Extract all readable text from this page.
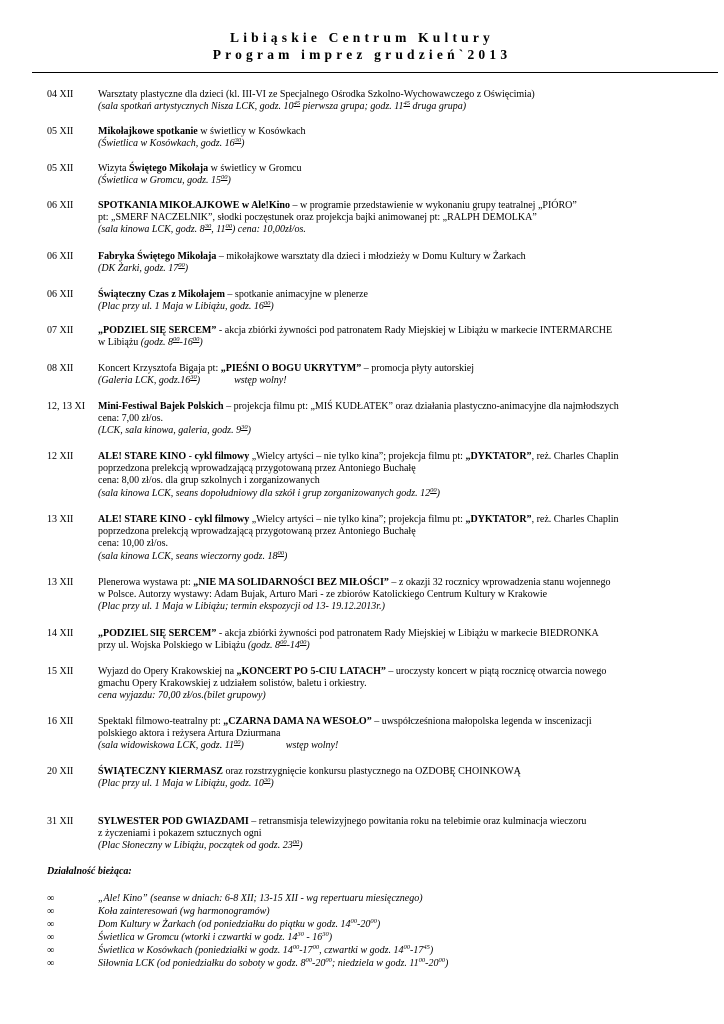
Libiąskie Centrum Kultury
Program imprez grudzień`2013
04 XII Warsztaty plastyczne dla dzieci (kl. III-VI ze Specjalnego Ośrodka Szkolno-Wychowawczego z Oświęcimia)
(sala spotkań artystycznych Nisza LCK, godz. $10^{45}$ pierwsza grupa; godz. $11^{45}$ druga grupa)
05 XII Mikołajkowe spotkanie w świetlicy w Kosówkach
(Świetlica w Kosówkach, godz. $16^{30}$)
05 XII Wizyta Świętego Mikołaja w świetlicy w Gromcu
(Świetlica w Gromcu, godz. $15^{00}$)
06 XII SPOTKANIA MIKOŁAJKOWE w Ale!Kino – w programie przedstawienie w wykonaniu grupy teatralnej „PIÓRO”
pt: „SMERF NACZELNIK”, słodki poczęstunek oraz projekcja bajki animowanej pt: „RALPH DEMOLKA”
(sala kinowa LCK, godz. $8^{30}$, $11^{00}$) cena: 10,00zł/os.
06 XII Fabryka Świętego Mikołaja – mikołajkowe warsztaty dla dzieci i młodzieży w Domu Kultury w Żarkach
(DK Żarki, godz. $17^{00}$)
06 XII Świąteczny Czas z Mikołajem – spotkanie animacyjne w plenerze
(Plac przy ul. 1 Maja w Libiążu, godz. $16^{00}$)
07 XII „PODZIEL SIĘ SERCEM” - akcja zbiórki żywności pod patronatem Rady Miejskiej w Libiążu w markecie INTERMARCHE
w Libiążu (godz. $8^{00}-16^{00}$)
08 XII Koncert Krzysztofa Bigaja pt: „PIEŚNI O BOGU UKRYTYM” – promocja płyty autorskiej
(Galeria LCK, $godz.16^{30}$)	wstęp wolny!
12, 13 XI Mini-Festiwal Bajek Polskich – projekcja filmu pt: „MIŚ KUDŁATEK” oraz działania plastyczno-animacyjne dla najmłodszych
cena: 7,00 zł/os.
(LCK, sala kinowa, galeria, godz. $9^{30}$)
12 XII ALE! STARE KINO - cykl filmowy „Wielcy artyści – nie tylko kina”; projekcja filmu pt: „DYKTATOR”, reż. Charles Chaplin
poprzedzona prelekcją wprowadzającą przygotowaną przez Antoniego Buchałę
cena: 8,00 zł/os. dla grup szkolnych i zorganizowanych
(sala kinowa LCK, seans dopołudniowy dla szkół i grup zorganizowanych godz. $12^{00}$)
13 XII ALE! STARE KINO - cykl filmowy „Wielcy artyści – nie tylko kina”; projekcja filmu pt: „DYKTATOR”, reż. Charles Chaplin
poprzedzona prelekcją wprowadzającą przygotowaną przez Antoniego Buchałę
cena: 10,00 zł/os.
(sala kinowa LCK, seans wieczorny godz. $18^{00}$)
13 XII Plenerowa wystawa pt: „NIE MA SOLIDARNOŚCI BEZ MIŁOŚCI” – z okazji 32 rocznicy wprowadzenia stanu wojennego
w Polsce. Autorzy wystawy: Adam Bujak, Arturo Mari - ze zbiorów Katolickiego Centrum Kultury w Krakowie
(Plac przy ul. 1 Maja w Libiążu; termin ekspozycji od 13- 19.12.2013r.)
14 XII „PODZIEL SIĘ SERCEM” - akcja zbiórki żywności pod patronatem Rady Miejskiej w Libiążu w markecie BIEDRONKA
przy ul. Wojska Polskiego w Libiążu (godz. $8^{00}-14^{00}$)
15 XII Wyjazd do Opery Krakowskiej na „KONCERT PO 5-CIU LATACH” – uroczysty koncert w piątą rocznicę otwarcia nowego
gmachu Opery Krakowskiej z udziałem solistów, baletu i orkiestry.
cena wyjazdu: 70,00 zł/os.(bilet grupowy)
16 XII Spektakl filmowo-teatralny pt: „CZARNA DAMA NA WESOŁO” – uwspółcześniona małopolska legenda w inscenizacji
polskiego aktora i reżysera Artura Dziurmana
(sala widowiskowa LCK, godz. $11^{00}$)	wstęp wolny!
20 XII ŚWIĄTECZNY KIERMASZ oraz rozstrzygnięcie konkursu plastycznego na OZDOBĘ CHOINKOWĄ
(Plac przy ul. 1 Maja w Libiążu, godz. $10^{30}$)
31 XII SYLWESTER POD GWIAZDAMI – retransmisja telewizyjnego powitania roku na telebimie oraz kulminacja wieczoru
z życzeniami i pokazem sztucznych ogni
(Plac Słoneczny w Libiążu, początek od godz. $23^{00}$)
Działalność bieżąca:
∞	„Ale! Kino” (seanse w dniach: 6-8 XII; 13-15 XII - wg repertuaru miesięcznego)
∞	Koła zainteresowań (wg harmonogramów)
∞	Dom Kultury w Żarkach (od poniedziałku do piątku w godz. $14^{00}-20^{00}$)
∞	Świetlica w Gromcu (wtorki i czwartki w godz. $14^{30} - 16^{30}$)
∞	Świetlica w Kosówkach (poniedziałki w godz. $14^{00}-17^{00}$, czwartki w godz. $14^{00}-17^{45}$)
∞	Siłownia LCK (od poniedziałku do soboty w godz. $8^{00}-20^{00}$; niedziela w godz. $11^{00}-20^{00}$)
